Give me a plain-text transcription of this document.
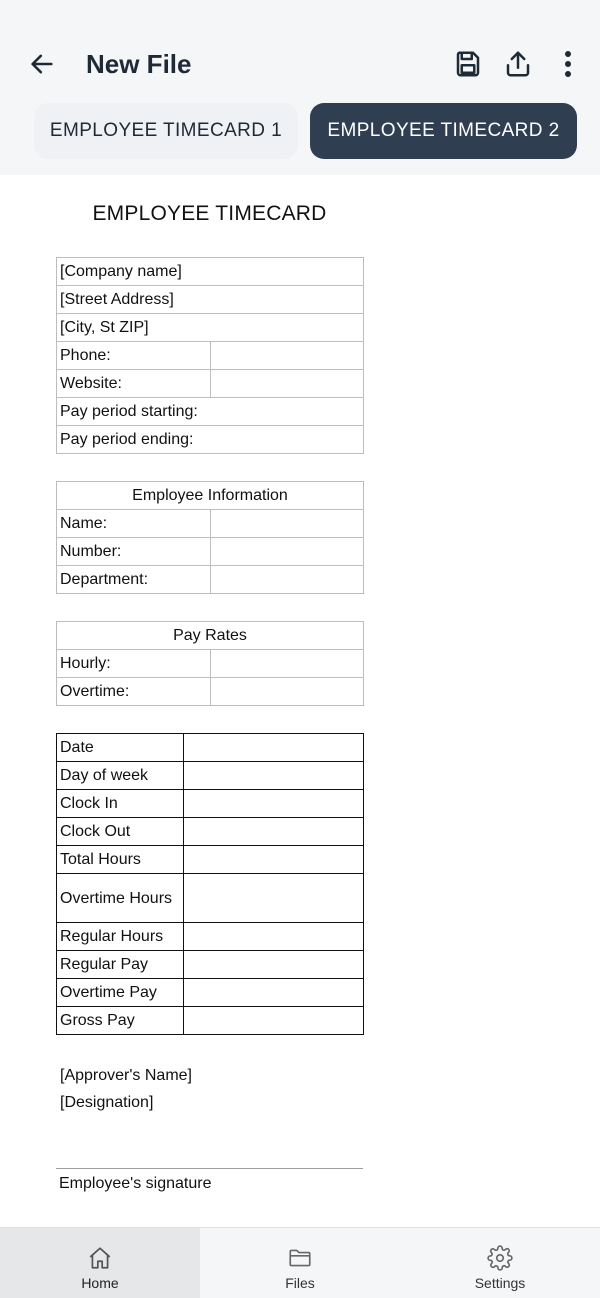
New File
EMPLOYEE TIMECARD 1	EMPLOYEE TIMECARD 2
EMPLOYEE TIMECARD
[Company name]	
[Street Address]	
[City, St ZIP]	
Phone:	
Website:	
Pay period starting:	
Pay period ending:	
Employee Information	
Name:	
Number:	
Department:	
Pay Rates	
Hourly:	
Overtime:	
Date	
Day of week	
Clock In	
Clock Out	
Total Hours	
Overtime Hours	
Regular Hours	
Regular Pay	
Overtime Pay	
Gross Pay	
[Approver's Name]
[Designation]
Employee's signature
Home	Files	Settings
